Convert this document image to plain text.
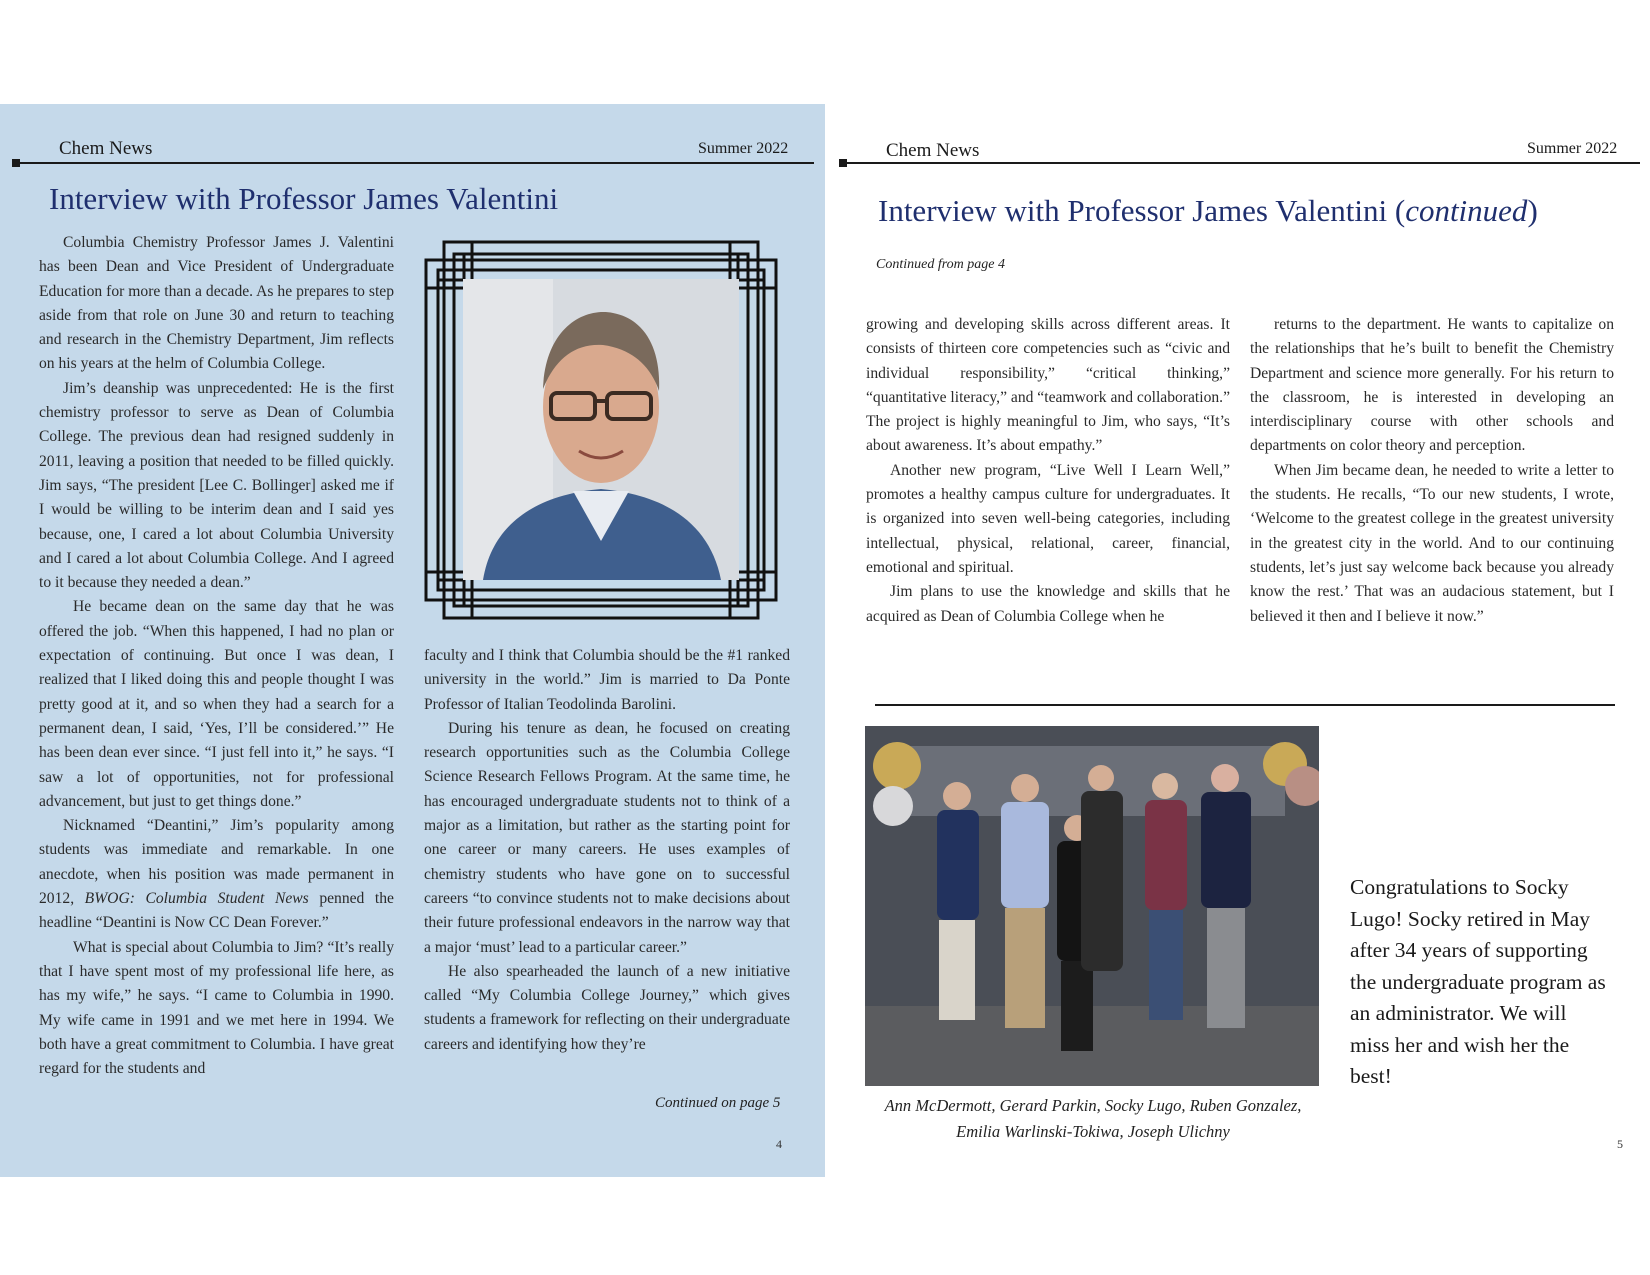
Chem News	Summer 2022
Interview with Professor James Valentini

Columbia Chemistry Professor James J. Valentini has been Dean and Vice President of Undergraduate Education for more than a decade. As he prepares to step aside from that role on June 30 and return to teaching and research in the Chemistry Department, Jim reflects on his years at the helm of Columbia College.

Jim’s deanship was unprecedented: He is the first chemistry professor to serve as Dean of Columbia College. The previous dean had resigned suddenly in 2011, leaving a position that needed to be filled quickly. Jim says, “The president [Lee C. Bollinger] asked me if I would be willing to be interim dean and I said yes because, one, I cared a lot about Columbia University and I cared a lot about Columbia College. And I agreed to it because they needed a dean.”

He became dean on the same day that he was offered the job. “When this happened, I had no plan or expectation of continuing. But once I was dean, I realized that I liked doing this and people thought I was pretty good at it, and so when they had a search for a permanent dean, I said, ‘Yes, I’ll be considered.’” He has been dean ever since. “I just fell into it,” he says. “I saw a lot of opportunities, not for professional advancement, but just to get things done.”

Nicknamed “Deantini,” Jim’s popularity among students was immediate and remarkable. In one anecdote, when his position was made permanent in 2012, BWOG: Columbia Student News penned the headline “Deantini is Now CC Dean Forever.”

What is special about Columbia to Jim? “It’s really that I have spent most of my professional life here, as has my wife,” he says. “I came to Columbia in 1990. My wife came in 1991 and we met here in 1994. We both have a great commitment to Columbia. I have great regard for the students and

faculty and I think that Columbia should be the #1 ranked university in the world.” Jim is married to Da Ponte Professor of Italian Teodolinda Barolini.

During his tenure as dean, he focused on creating research opportunities such as the Columbia College Science Research Fellows Program. At the same time, he has encouraged undergraduate students not to think of a major as a limitation, but rather as the starting point for one career or many careers. He uses examples of chemistry students who have gone on to successful careers “to convince students not to make decisions about their future professional endeavors in the narrow way that a major ‘must’ lead to a particular career.”

He also spearheaded the launch of a new initiative called “My Columbia College Journey,” which gives students a framework for reflecting on their undergraduate careers and identifying how they’re

Continued on page 5
4
Chem News	Summer 2022
Interview with Professor James Valentini (continued)
Continued from page 4

growing and developing skills across different areas. It consists of thirteen core competencies such as “civic and individual responsibility,” “critical thinking,” “quantitative literacy,” and “teamwork and collaboration.” The project is highly meaningful to Jim, who says, “It’s about awareness. It’s about empathy.”

Another new program, “Live Well I Learn Well,” promotes a healthy campus culture for undergraduates. It is organized into seven well-being categories, including intellectual, physical, relational, career, financial, emotional and spiritual.

Jim plans to use the knowledge and skills that he acquired as Dean of Columbia College when he

returns to the department. He wants to capitalize on the relationships that he’s built to benefit the Chemistry Department and science more generally. For his return to the classroom, he is interested in developing an interdisciplinary course with other schools and departments on color theory and perception.

When Jim became dean, he needed to write a letter to the students. He recalls, “To our new students, I wrote, ‘Welcome to the greatest college in the greatest university in the greatest city in the world. And to our continuing students, let’s just say welcome back because you already know the rest.’ That was an audacious statement, but I believed it then and I believe it now.”

Ann McDermott, Gerard Parkin, Socky Lugo, Ruben Gonzalez,
Emilia Warlinski-Tokiwa, Joseph Ulichny
Congratulations to Socky Lugo! Socky retired in May after 34 years of supporting the undergraduate program as an administrator. We will miss her and wish her the best!
5
